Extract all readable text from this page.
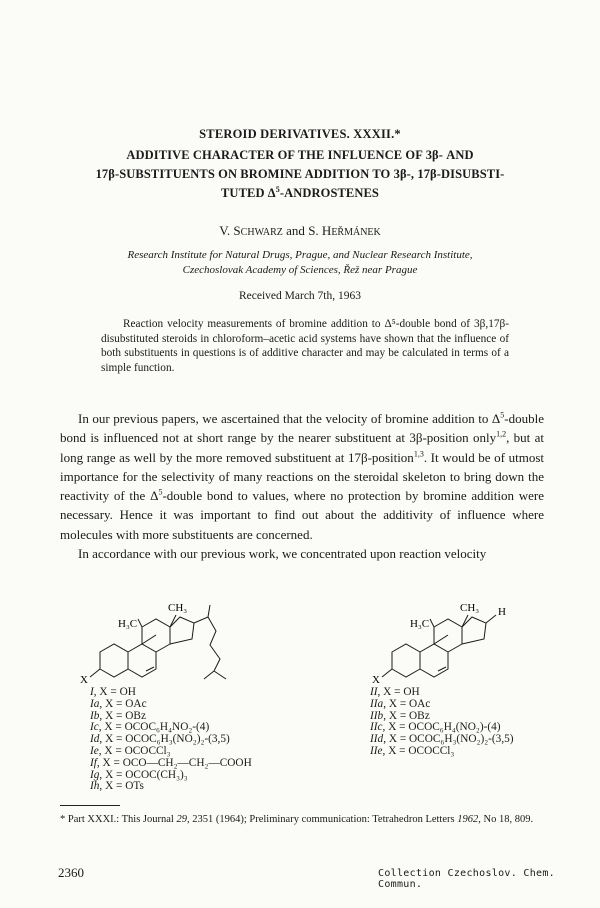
STEROID DERIVATIVES. XXXII.*
ADDITIVE CHARACTER OF THE INFLUENCE OF 3β- AND
17β-SUBSTITUENTS ON BROMINE ADDITION TO 3β-, 17β-DISUBSTI-
TUTED $\Delta^5$-ANDROSTENES
V. SCHWARZ and S. HEŘMÁNEK
Research Institute for Natural Drugs, Prague, and Nuclear Research Institute,
Czechoslovak Academy of Sciences, Řež near Prague
Received March 7th, 1963

Reaction velocity measurements of bromine addition to Δ⁵-double bond of 3β,17β-disubstituted steroids in chloroform–acetic acid systems have shown that the influence of both substituents in questions is of additive character and may be calculated in terms of a simple function.

In our previous papers, we ascertained that the velocity of bromine addition to $\Delta^5$-double bond is influenced not at short range by the nearer substituent at 3β-position only$^{1,2}$, but at long range as well by the more removed substituent at 17β-position$^{1,3}$. It would be of utmost importance for the selectivity of many reactions on the steroidal skeleton to bring down the reactivity of the $\Delta^5$-double bond to values, where no protection by bromine addition were necessary. Hence it was important to find out about the additivity of influence where molecules with more substituents are concerned.

In accordance with our previous work, we concentrated upon reaction velocity

CH₃
H₃C
X
I, X = OH
Ia, X = OAc
Ib, X = OBz
Ic, X = OCOC₆H₄NO₂-(4)
Id, X = OCOC₆H₃(NO₂)₂-(3,5)
Ie, X = OCOCCl₃
If, X = OCO—CH₂—CH₂—COOH
Ig, X = OCOC(CH₃)₃
Ih, X = OTs
CH₃ H
H₃C
X
II, X = OH
IIa, X = OAc
IIb, X = OBz
IIc, X = OCOC₆H₄(NO₂)-(4)
IId, X = OCOC₆H₃(NO₂)₂-(3,5)
IIe, X = OCOCCl₃
* Part XXXI.: This Journal 29, 2351 (1964); Preliminary communication: Tetrahedron Letters 1962, No 18, 809.
2360	Collection Czechoslov. Chem. Commun.
